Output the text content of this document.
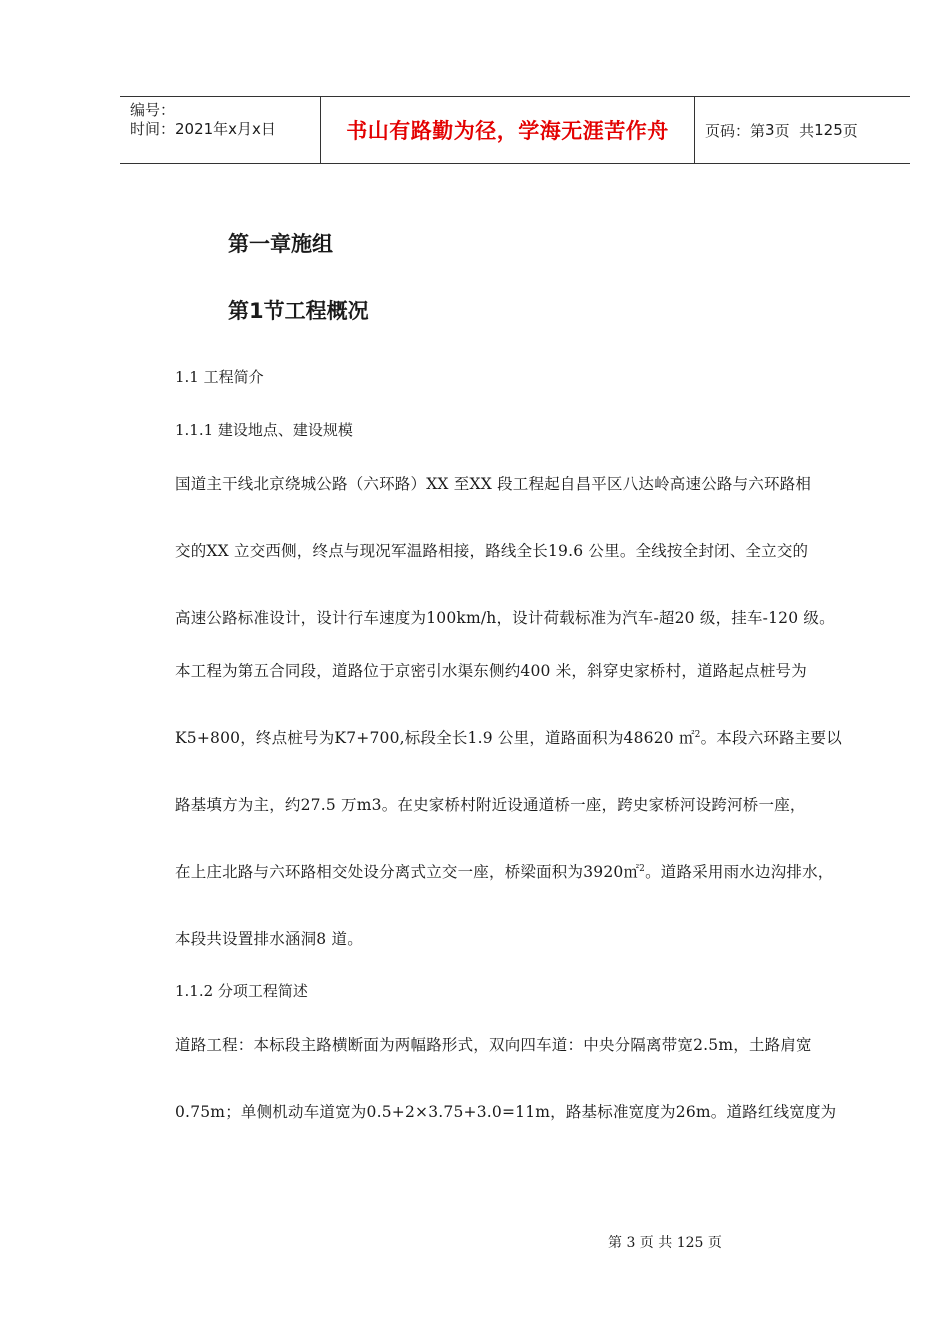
编号：
时间：2021年x月x日	书山有路勤为径，学海无涯苦作舟	页码：第 3 页  共 125 页
第一章施组
第1节工程概况
1.1 工程简介
1.1.1 建设地点、建设规模
国道主干线北京绕城公路（六环路）XX 至XX 段工程起自昌平区八达岭高速公路与六环路相
交的XX 立交西侧，终点与现况军温路相接，路线全长19.6 公里。全线按全封闭、全立交的
高速公路标准设计，设计行车速度为100km/h，设计荷载标准为汽车-超20 级，挂车-120 级。
本工程为第五合同段，道路位于京密引水渠东侧约400 米，斜穿史家桥村，道路起点桩号为
K5+800，终点桩号为K7+700,标段全长1.9 公里，道路面积为48620 ㎡$^2$。本段六环路主要以
路基填方为主，约27.5 万m3。在史家桥村附近设通道桥一座，跨史家桥河设跨河桥一座，
在上庄北路与六环路相交处设分离式立交一座，桥梁面积为3920㎡$^2$。道路采用雨水边沟排水，
本段共设置排水涵洞8 道。
1.1.2 分项工程简述
道路工程：本标段主路横断面为两幅路形式，双向四车道：中央分隔离带宽2.5m，土路肩宽
0.75m；单侧机动车道宽为0.5+2×3.75+3.0=11m，路基标准宽度为26m。道路红线宽度为
第 3 页 共 125 页
